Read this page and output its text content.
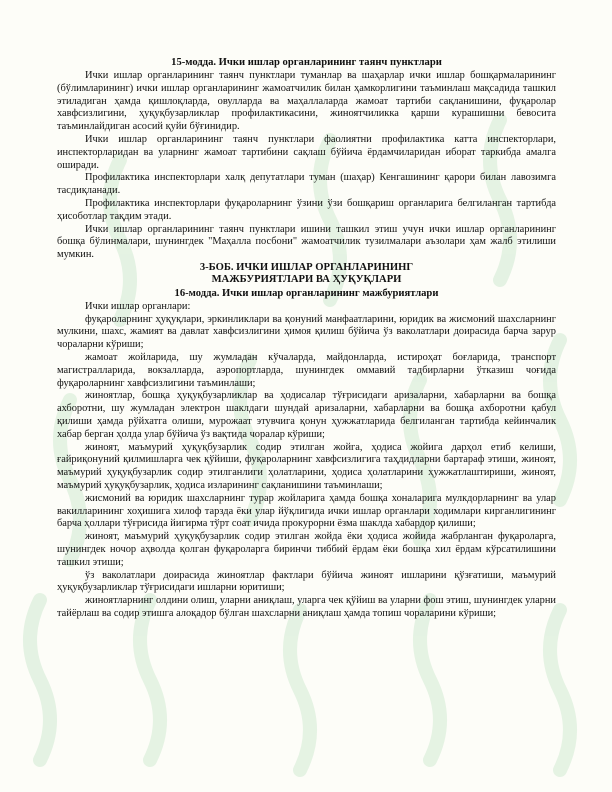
15-модда. Ички ишлар органларининг таянч пунктлари

Ички ишлар органларининг таянч пунктлари туманлар ва шаҳарлар ички ишлар бошқармаларининг (бўлимларининг) ички ишлар органларининг жамоатчилик билан ҳамкорлигини таъминлаш мақсадида ташкил этиладиган ҳамда қишлоқларда, овулларда ва маҳаллаларда жамоат тартиби сақланишини, фуқаролар хавфсизлигини, ҳуқуқбузарликлар профилактикасини, жиноятчиликка қарши курашишни бевосита таъминлайдиган асосий қуйи бўғинидир.

Ички ишлар органларининг таянч пунктлари фаолиятни профилактика катта инспекторлари, инспекторларидан ва уларнинг жамоат тартибини сақлаш бўйича ёрдамчиларидан иборат таркибда амалга оширади.

Профилактика инспекторлари халқ депутатлари туман (шаҳар) Кенгашининг қарори билан лавозимга тасдиқланади.

Профилактика инспекторлари фуқароларнинг ўзини ўзи бошқариш органларига белгиланган тартибда ҳисоботлар тақдим этади.

Ички ишлар органларининг таянч пунктлари ишини ташкил этиш учун ички ишлар органларининг бошқа бўлинмалари, шунингдек "Маҳалла посбони" жамоатчилик тузилмалари аъзолари ҳам жалб этилиши мумкин.

3-БОБ. ИЧКИ ИШЛАР ОРГАНЛАРИНИНГ
МАЖБУРИЯТЛАРИ ВА ҲУҚУҚЛАРИ
16-модда. Ички ишлар органларининг мажбуриятлари

Ички ишлар органлари:

фуқароларнинг ҳуқуқлари, эркинликлари ва қонуний манфаатларини, юридик ва жисмоний шахсларнинг мулкини, шахс, жамият ва давлат хавфсизлигини ҳимоя қилиш бўйича ўз ваколатлари доирасида барча зарур чораларни кўриши;

жамоат жойларида, шу жумладан кўчаларда, майдонларда, истироҳат боғларида, транспорт магистралларида, вокзалларда, аэропортларда, шунингдек оммавий тадбирларни ўтказиш чоғида фуқароларнинг хавфсизлигини таъминлаши;

жиноятлар, бошқа ҳуқуқбузарликлар ва ҳодисалар тўғрисидаги аризаларни, хабарларни ва бошқа ахборотни, шу жумладан электрон шаклдаги шундай аризаларни, хабарларни ва бошқа ахборотни қабул қилиши ҳамда рўйхатга олиши, мурожаат этувчига қонун ҳужжатларида белгиланган тартибда кейинчалик хабар берган ҳолда улар бўйича ўз вақтида чоралар кўриши;

жиноят, маъмурий ҳуқуқбузарлик содир этилган жойга, ҳодиса жойига дарҳол етиб келиши, ғайриқонуний қилмишларга чек қўйиши, фуқароларнинг хавфсизлигига таҳдидларни бартараф этиши, жиноят, маъмурий ҳуқуқбузарлик содир этилганлиги ҳолатларини, ҳодиса ҳолатларини ҳужжатлаштириши, жиноят, маъмурий ҳуқуқбузарлик, ҳодиса изларининг сақланишини таъминлаши;

жисмоний ва юридик шахсларнинг турар жойларига ҳамда бошқа хоналарига мулкдорларнинг ва улар вакилларининг хоҳишига хилоф тарзда ёки улар йўқлигида ички ишлар органлари ходимлари кирганлигининг барча ҳоллари тўғрисида йигирма тўрт соат ичида прокурорни ёзма шаклда хабардор қилиши;

жиноят, маъмурий ҳуқуқбузарлик содир этилган жойда ёки ҳодиса жойида жабрланган фуқароларга, шунингдек ночор аҳволда қолган фуқароларга биринчи тиббий ёрдам ёки бошқа хил ёрдам кўрсатилишини ташкил этиши;

ўз ваколатлари доирасида жиноятлар фактлари бўйича жиноят ишларини қўзғатиши, маъмурий ҳуқуқбузарликлар тўғрисидаги ишларни юритиши;

жиноятларнинг олдини олиш, уларни аниқлаш, уларга чек қўйиш ва уларни фош этиш, шунингдек уларни тайёрлаш ва содир этишга алоқадор бўлган шахсларни аниқлаш ҳамда топиш чораларини кўриши;
